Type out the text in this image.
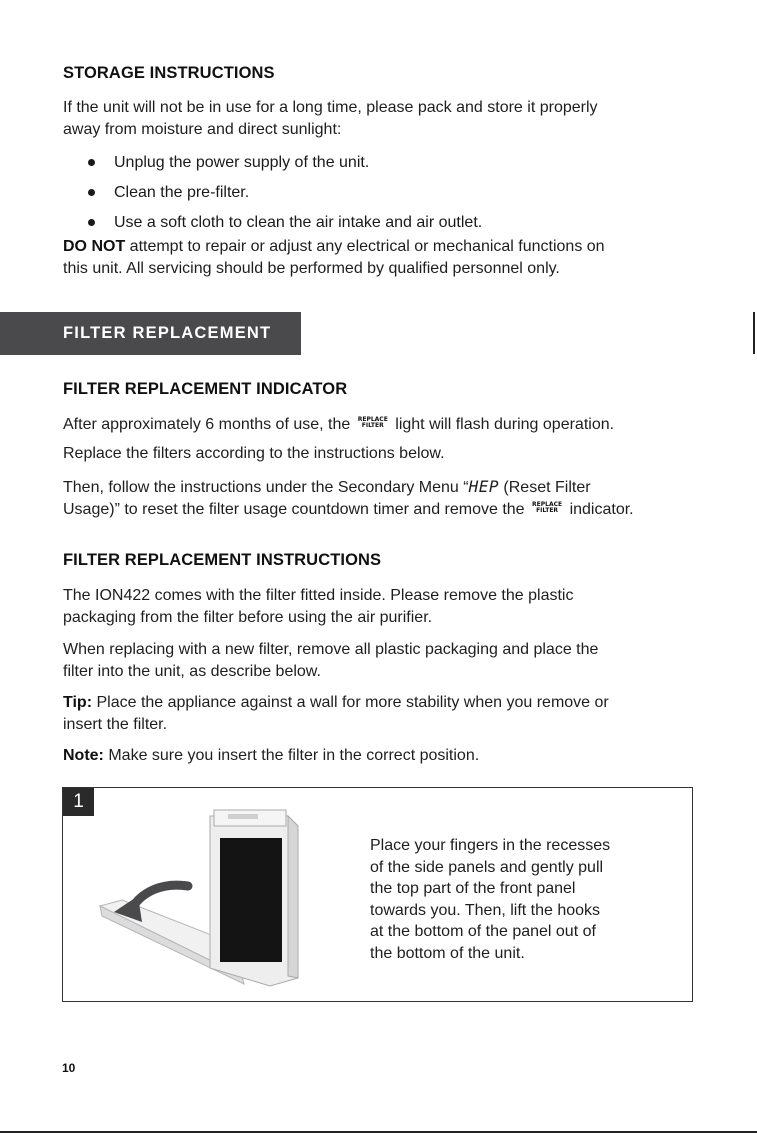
STORAGE INSTRUCTIONS
If the unit will not be in use for a long time, please pack and store it properly
away from moisture and direct sunlight:
Unplug the power supply of the unit.
Clean the pre-filter.
Use a soft cloth to clean the air intake and air outlet.
DO NOT attempt to repair or adjust any electrical or mechanical functions on
this unit. All servicing should be performed by qualified personnel only.
FILTER REPLACEMENT
FILTER REPLACEMENT INDICATOR
After approximately 6 months of use, the REPLACE
FILTER light will flash during operation.
Replace the filters according to the instructions below.
Then, follow the instructions under the Secondary Menu “HEP (Reset Filter
Usage)” to reset the filter usage countdown timer and remove the REPLACE
FILTER indicator.
FILTER REPLACEMENT INSTRUCTIONS
The ION422 comes with the filter fitted inside. Please remove the plastic
packaging from the filter before using the air purifier.
When replacing with a new filter, remove all plastic packaging and place the
filter into the unit, as describe below.
Tip: Place the appliance against a wall for more stability when you remove or
insert the filter.
Note: Make sure you insert the filter in the correct position.
1
Place your fingers in the recesses
of the side panels and gently pull
the top part of the front panel
towards you. Then, lift the hooks
at the bottom of the panel out of
the bottom of the unit.
10
